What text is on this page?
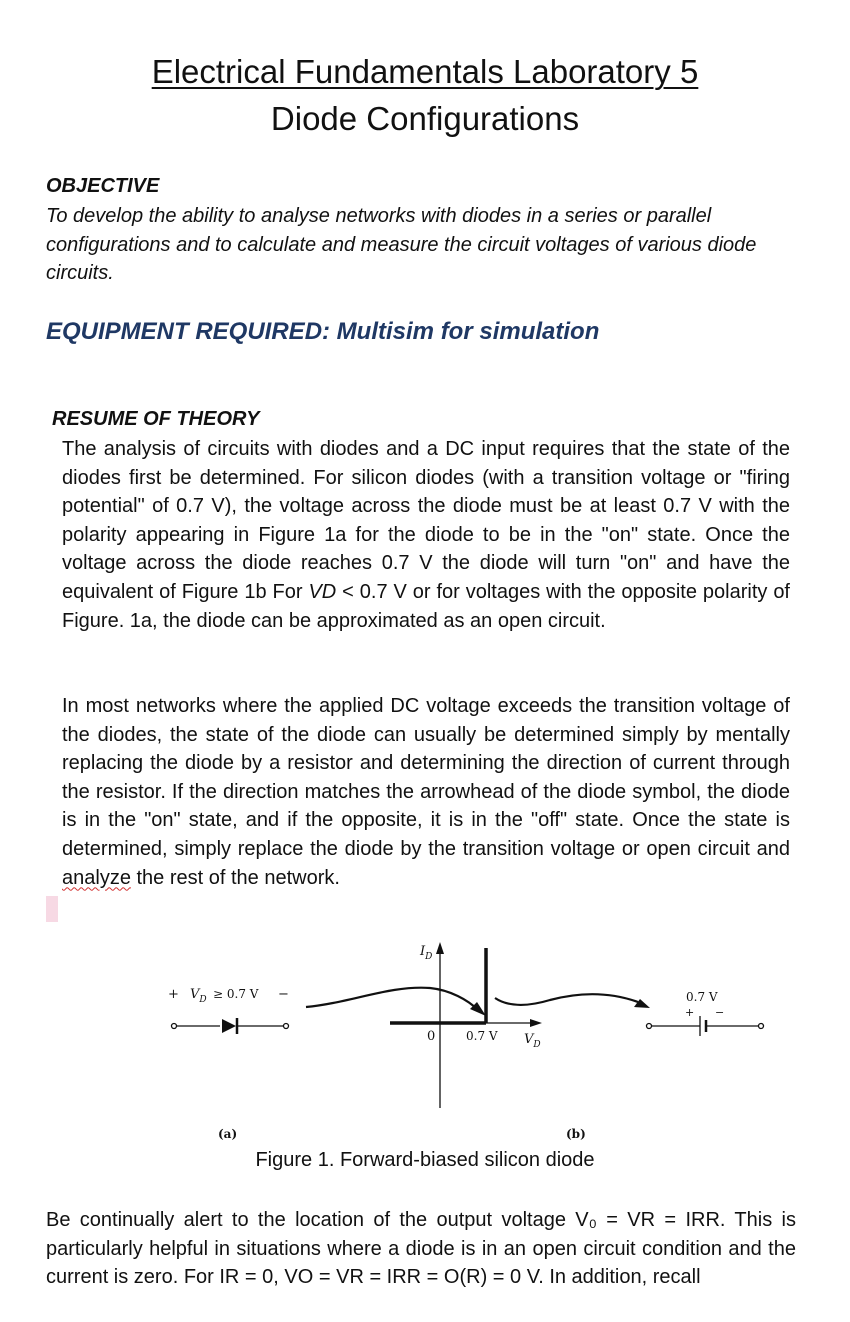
Electrical Fundamentals Laboratory 5
Diode Configurations
OBJECTIVE
To develop the ability to analyse networks with diodes in a series or parallel configurations and to calculate and measure the circuit voltages of various diode circuits.
EQUIPMENT REQUIRED: Multisim for simulation
RESUME OF THEORY
The analysis of circuits with diodes and a DC input requires that the state of the diodes first be determined. For silicon diodes (with a transition voltage or "firing potential" of 0.7 V), the voltage across the diode must be at least 0.7 V with the polarity appearing in Figure 1a for the diode to be in the "on" state. Once the voltage across the diode reaches 0.7 V the diode will turn "on" and have the equivalent of Figure 1b For VD < 0.7 V or for voltages with the opposite polarity of Figure. 1a, the diode can be approximated as an open circuit.
In most networks where the applied DC voltage exceeds the transition voltage of the diodes, the state of the diode can usually be determined simply by mentally replacing the diode by a resistor and determining the direction of current through the resistor. If the direction matches the arrowhead of the diode symbol, the diode is in the "on" state, and if the opposite, it is in the "off" state. Once the state is determined, simply replace the diode by the transition voltage or open circuit and analyze the rest of the network.
+ $V_D \ge 0.7$ V −
$I_D$
0	0.7 V $V_D$
0.7 V
+ −
(a)	(b)
Figure 1. Forward-biased silicon diode
Be continually alert to the location of the output voltage V₀ = VR = IRR. This is particularly helpful in situations where a diode is in an open circuit condition and the current is zero. For IR = 0, VO = VR = IRR = O(R) = 0 V. In addition, recall
